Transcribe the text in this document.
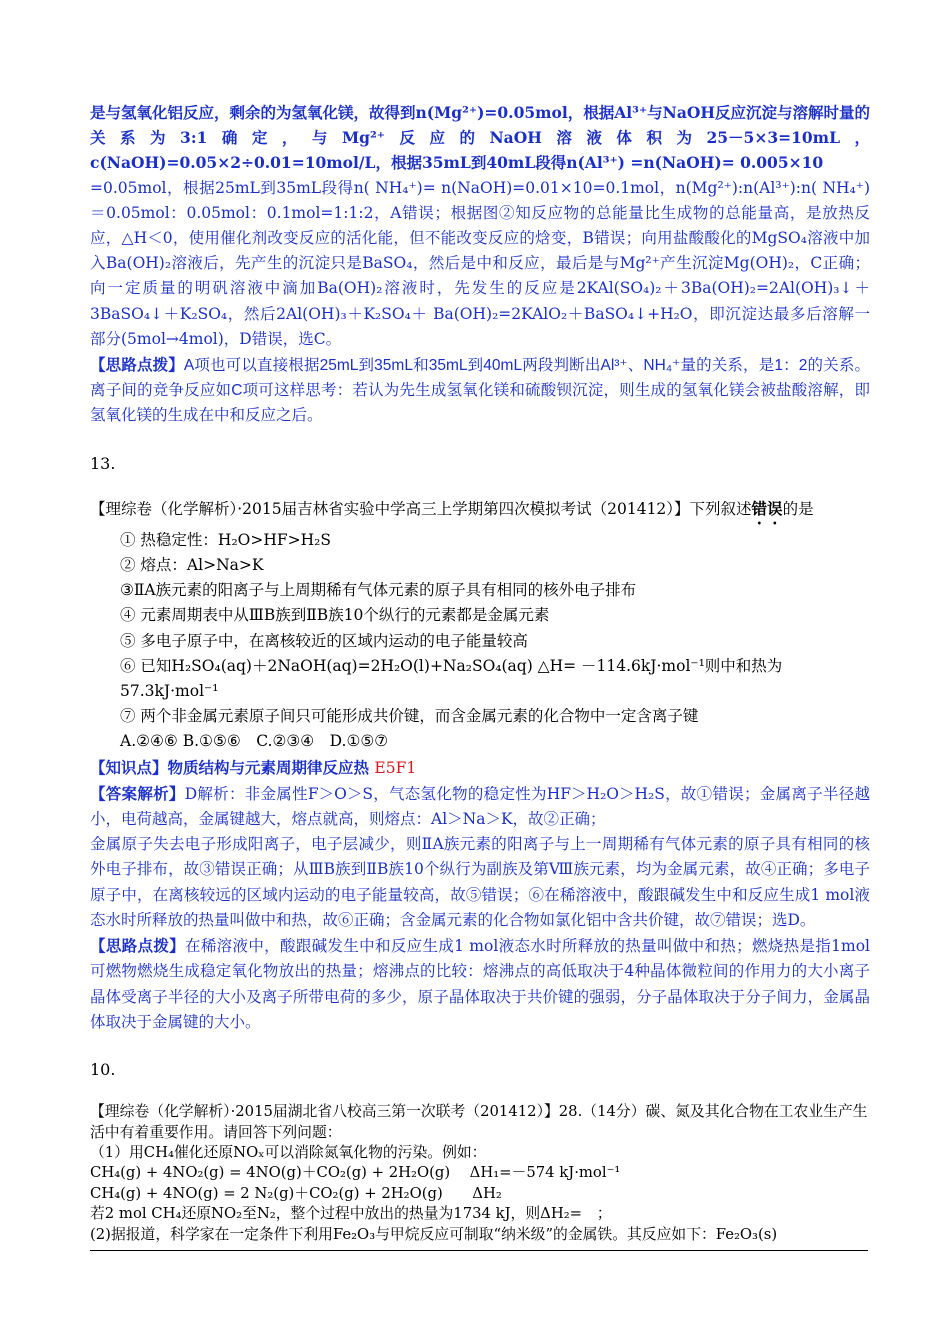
是与氢氧化铝反应，剩余的为氢氧化镁，故得到n(Mg²⁺)=0.05mol，根据Al³⁺与NaOH反应沉淀与溶解时量的关系为3:1确定，与Mg²⁺反应的NaOH溶液体积为25－5×3=10mL，c(NaOH)=0.05×2÷0.01=10mol/L，根据35mL到40mL段得n(Al³⁺) =n(NaOH)= 0.005×10

=0.05mol，根据25mL到35mL段得n( NH₄⁺)= n(NaOH)=0.01×10=0.1mol，n(Mg²⁺):n(Al³⁺):n( NH₄⁺)＝0.05mol：0.05mol：0.1mol=1:1:2，A错误；根据图②知反应物的总能量比生成物的总能量高，是放热反应，△H＜0，使用催化剂改变反应的活化能，但不能改变反应的焓变，B错误；向用盐酸酸化的MgSO₄溶液中加入Ba(OH)₂溶液后，先产生的沉淀只是BaSO₄，然后是中和反应，最后是与Mg²⁺产生沉淀Mg(OH)₂，C正确；向一定质量的明矾溶液中滴加Ba(OH)₂溶液时，先发生的反应是2KAl(SO₄)₂＋3Ba(OH)₂=2Al(OH)₃↓＋3BaSO₄↓＋K₂SO₄，然后2Al(OH)₃＋K₂SO₄＋ Ba(OH)₂=2KAlO₂＋BaSO₄↓+H₂O，即沉淀达最多后溶解一部分(5mol→4mol)，D错误，选C。

【思路点拨】A项也可以直接根据25mL到35mL和35mL到40mL两段判断出Al³⁺、NH₄⁺量的关系，是1：2的关系。离子间的竞争反应如C项可这样思考：若认为先生成氢氧化镁和硫酸钡沉淀，则生成的氢氧化镁会被盐酸溶解，即氢氧化镁的生成在中和反应之后。

13.

【理综卷（化学解析）·2015届吉林省实验中学高三上学期第四次模拟考试（201412）】下列叙述错误的是
① 热稳定性：H₂O>HF>H₂S
② 熔点：Al>Na>K
③ⅡA族元素的阳离子与上周期稀有气体元素的原子具有相同的核外电子排布
④ 元素周期表中从ⅢB族到ⅡB族10个纵行的元素都是金属元素
⑤ 多电子原子中，在离核较近的区域内运动的电子能量较高
⑥ 已知H₂SO₄(aq)＋2NaOH(aq)=2H₂O(l)+Na₂SO₄(aq) △H= －114.6kJ·mol⁻¹则中和热为57.3kJ·mol⁻¹
⑦ 两个非金属元素原子间只可能形成共价键，而含金属元素的化合物中一定含离子键
A.②④⑥ B.①⑤⑥　C.②③④　D.①⑤⑦
【知识点】物质结构与元素周期律反应热 E5F1

【答案解析】D解析：非金属性F＞O＞S，气态氢化物的稳定性为HF＞H₂O＞H₂S，故①错误；金属离子半径越小，电荷越高，金属键越大，熔点就高，则熔点：Al＞Na＞K，故②正确；

金属原子失去电子形成阳离子，电子层减少，则ⅡA族元素的阳离子与上一周期稀有气体元素的原子具有相同的核外电子排布，故③错误正确；从ⅢB族到ⅡB族10个纵行为副族及第Ⅷ族元素，均为金属元素，故④正确；多电子原子中，在离核较远的区域内运动的电子能量较高，故⑤错误；⑥在稀溶液中，酸跟碱发生中和反应生成1 mol液态水时所释放的热量叫做中和热，故⑥正确；含金属元素的化合物如氯化铝中含共价键，故⑦错误；选D。

【思路点拨】在稀溶液中，酸跟碱发生中和反应生成1 mol液态水时所释放的热量叫做中和热；燃烧热是指1mol可燃物燃烧生成稳定氧化物放出的热量；熔沸点的比较：熔沸点的高低取决于4种晶体微粒间的作用力的大小离子晶体受离子半径的大小及离子所带电荷的多少，原子晶体取决于共价键的强弱，分子晶体取决于分子间力，金属晶体取决于金属键的大小。

10.

【理综卷（化学解析）·2015届湖北省八校高三第一次联考（201412）】28.（14分）碳、氮及其化合物在工农业生产生活中有着重要作用。请回答下列问题：

（1）用CH₄催化还原NOₓ可以消除氮氧化物的污染。例如：

CH₄(g) + 4NO₂(g) = 4NO(g)＋CO₂(g) + 2H₂O(g)　 ΔH₁=－574 kJ·mol⁻¹

CH₄(g) + 4NO(g) = 2 N₂(g)＋CO₂(g) + 2H₂O(g)　　ΔH₂

若2 mol CH₄还原NO₂至N₂，整个过程中放出的热量为1734 kJ，则ΔH₂=　；

(2)据报道，科学家在一定条件下利用Fe₂O₃与甲烷反应可制取“纳米级”的金属铁。其反应如下：Fe₂O₃(s)
